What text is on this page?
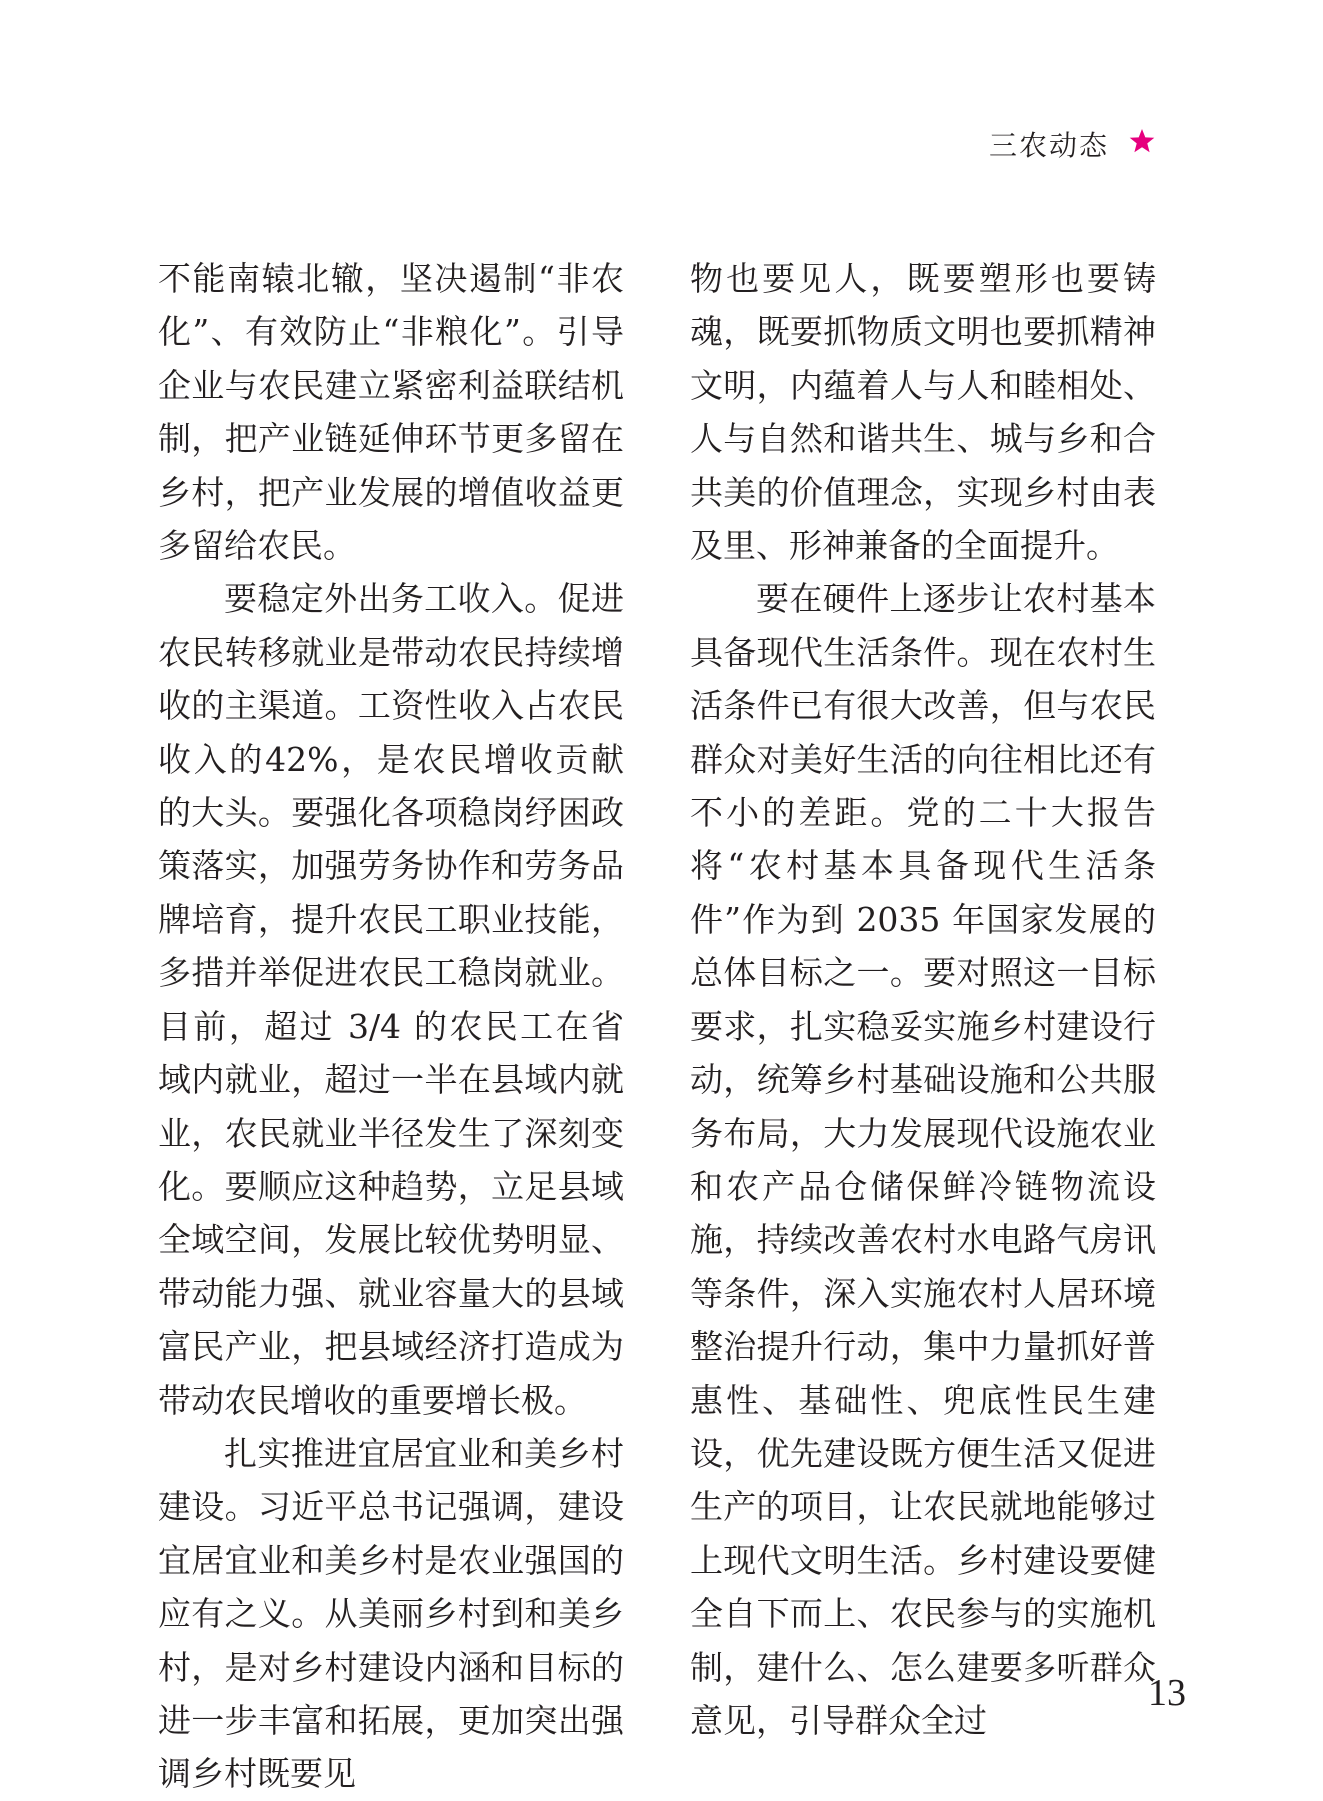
三农动态

不能南辕北辙，坚决遏制“非农化”、有效防止“非粮化”。引导企业与农民建立紧密利益联结机制，把产业链延伸环节更多留在乡村，把产业发展的增值收益更多留给农民。

要稳定外出务工收入。促进农民转移就业是带动农民持续增收的主渠道。工资性收入占农民收入的42%，是农民增收贡献的大头。要强化各项稳岗纾困政策落实，加强劳务协作和劳务品牌培育，提升农民工职业技能，多措并举促进农民工稳岗就业。目前，超过 3/4 的农民工在省域内就业，超过一半在县域内就业，农民就业半径发生了深刻变化。要顺应这种趋势，立足县域全域空间，发展比较优势明显、带动能力强、就业容量大的县域富民产业，把县域经济打造成为带动农民增收的重要增长极。

扎实推进宜居宜业和美乡村建设。习近平总书记强调，建设宜居宜业和美乡村是农业强国的应有之义。从美丽乡村到和美乡村，是对乡村建设内涵和目标的进一步丰富和拓展，更加突出强调乡村既要见

物也要见人，既要塑形也要铸魂，既要抓物质文明也要抓精神文明，内蕴着人与人和睦相处、人与自然和谐共生、城与乡和合共美的价值理念，实现乡村由表及里、形神兼备的全面提升。

要在硬件上逐步让农村基本具备现代生活条件。现在农村生活条件已有很大改善，但与农民群众对美好生活的向往相比还有不小的差距。党的二十大报告将“农村基本具备现代生活条件”作为到 2035 年国家发展的总体目标之一。要对照这一目标要求，扎实稳妥实施乡村建设行动，统筹乡村基础设施和公共服务布局，大力发展现代设施农业和农产品仓储保鲜冷链物流设施，持续改善农村水电路气房讯等条件，深入实施农村人居环境整治提升行动，集中力量抓好普惠性、基础性、兜底性民生建设，优先建设既方便生活又促进生产的项目，让农民就地能够过上现代文明生活。乡村建设要健全自下而上、农民参与的实施机制，建什么、怎么建要多听群众意见，引导群众全过

13
